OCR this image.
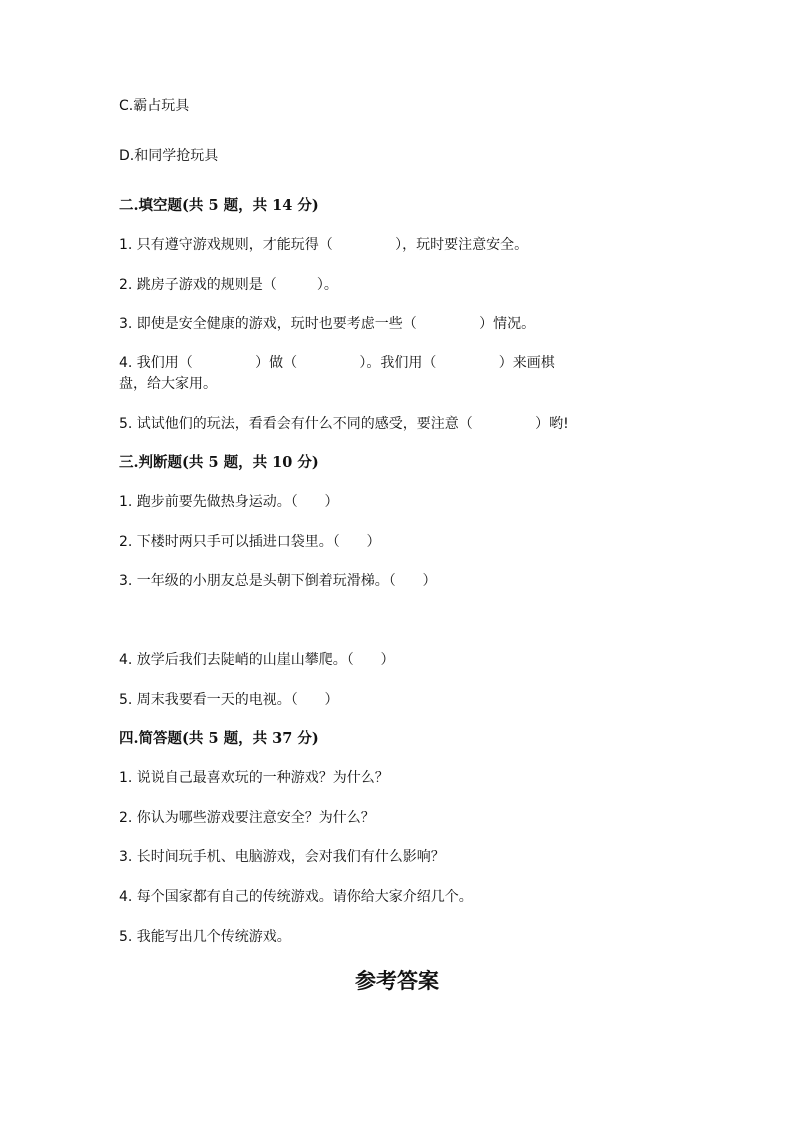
C.霸占玩具
D.和同学抢玩具
二.填空题(共 5 题，共 14 分)
1. 只有遵守游戏规则，才能玩得（              ），玩时要注意安全。
2. 跳房子游戏的规则是（         ）。
3. 即使是安全健康的游戏，玩时也要考虑一些（              ）情况。
4. 我们用（              ）做（              ）。我们用（              ）来画棋
盘，给大家用。
5. 试试他们的玩法，看看会有什么不同的感受，要注意（              ）哟!
三.判断题(共 5 题，共 10 分)
1. 跑步前要先做热身运动。（      ）
2. 下楼时两只手可以插进口袋里。（      ）
3. 一年级的小朋友总是头朝下倒着玩滑梯。（      ）
4. 放学后我们去陡峭的山崖山攀爬。（      ）
5. 周末我要看一天的电视。（      ）
四.简答题(共 5 题，共 37 分)
1. 说说自己最喜欢玩的一种游戏？为什么？
2. 你认为哪些游戏要注意安全？为什么？
3. 长时间玩手机、电脑游戏，会对我们有什么影响？
4. 每个国家都有自己的传统游戏。请你给大家介绍几个。
5. 我能写出几个传统游戏。
参考答案
